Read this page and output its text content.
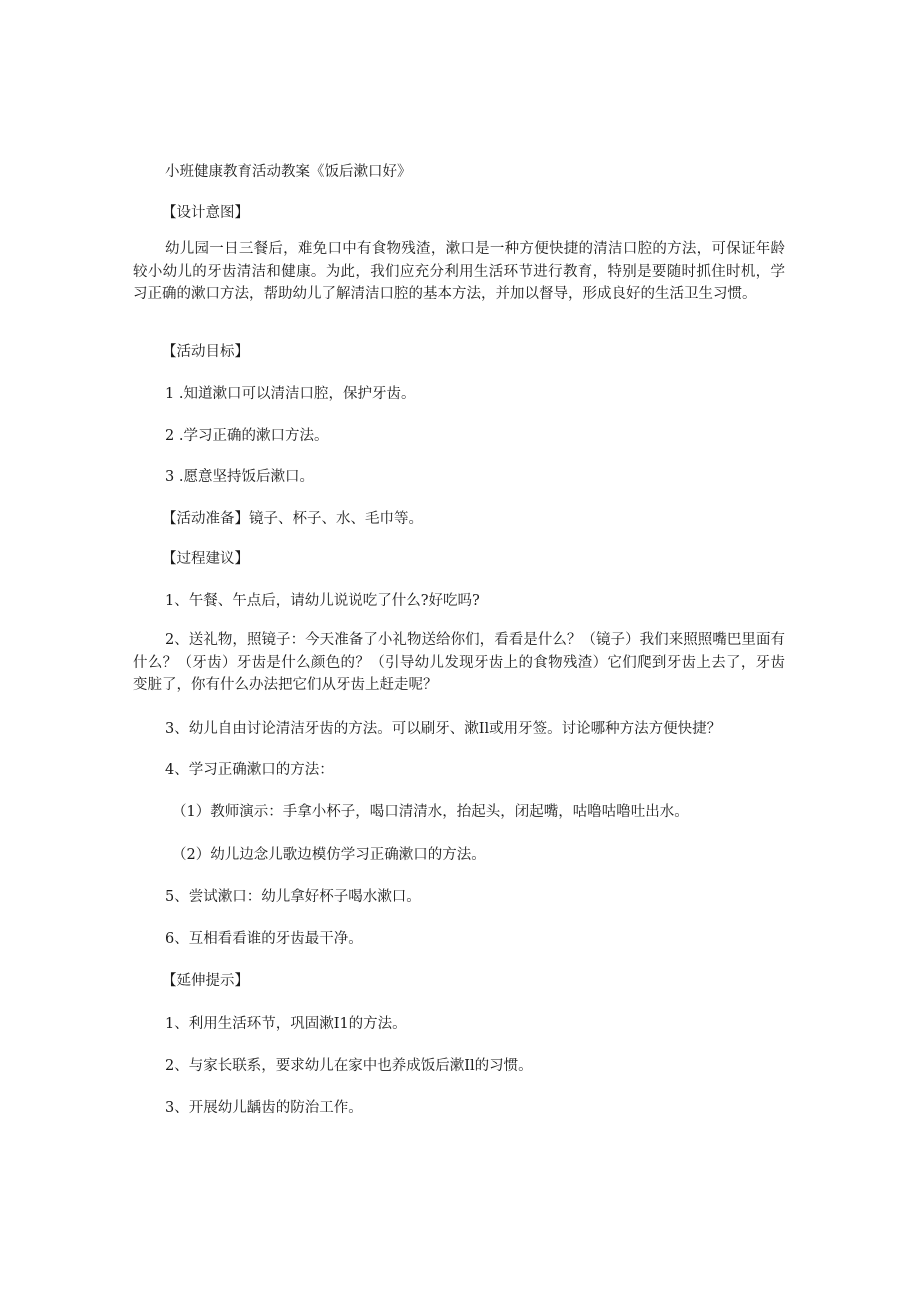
小班健康教育活动教案《饭后漱口好》

【设计意图】

幼儿园一日三餐后，难免口中有食物残渣，漱口是一种方便快捷的清洁口腔的方法，可保证年龄较小幼儿的牙齿清洁和健康。为此，我们应充分利用生活环节进行教育，特别是要随时抓住时机，学习正确的漱口方法，帮助幼儿了解清洁口腔的基本方法，并加以督导，形成良好的生活卫生习惯。

【活动目标】

1 .知道漱口可以清洁口腔，保护牙齿。

2 .学习正确的漱口方法。

3 .愿意坚持饭后漱口。

【活动准备】镜子、杯子、水、毛巾等。

【过程建议】

1、午餐、午点后，请幼儿说说吃了什么?好吃吗?

2、送礼物，照镜子：今天准备了小礼物送给你们，看看是什么？（镜子）我们来照照嘴巴里面有什么？（牙齿）牙齿是什么颜色的？（引导幼儿发现牙齿上的食物残渣）它们爬到牙齿上去了，牙齿变脏了，你有什么办法把它们从牙齿上赶走呢？

3、幼儿自由讨论清洁牙齿的方法。可以刷牙、漱Il或用牙签。讨论哪种方法方便快捷？

4、学习正确漱口的方法：

（1）教师演示：手拿小杯子，喝口清清水，抬起头，闭起嘴，咕噜咕噜吐出水。

（2）幼儿边念儿歌边模仿学习正确漱口的方法。

5、尝试漱口：幼儿拿好杯子喝水漱口。

6、互相看看谁的牙齿最干净。

【延伸提示】

1、利用生活环节，巩固漱I1的方法。

2、与家长联系，要求幼儿在家中也养成饭后漱Il的习惯。

3、开展幼儿龋齿的防治工作。
